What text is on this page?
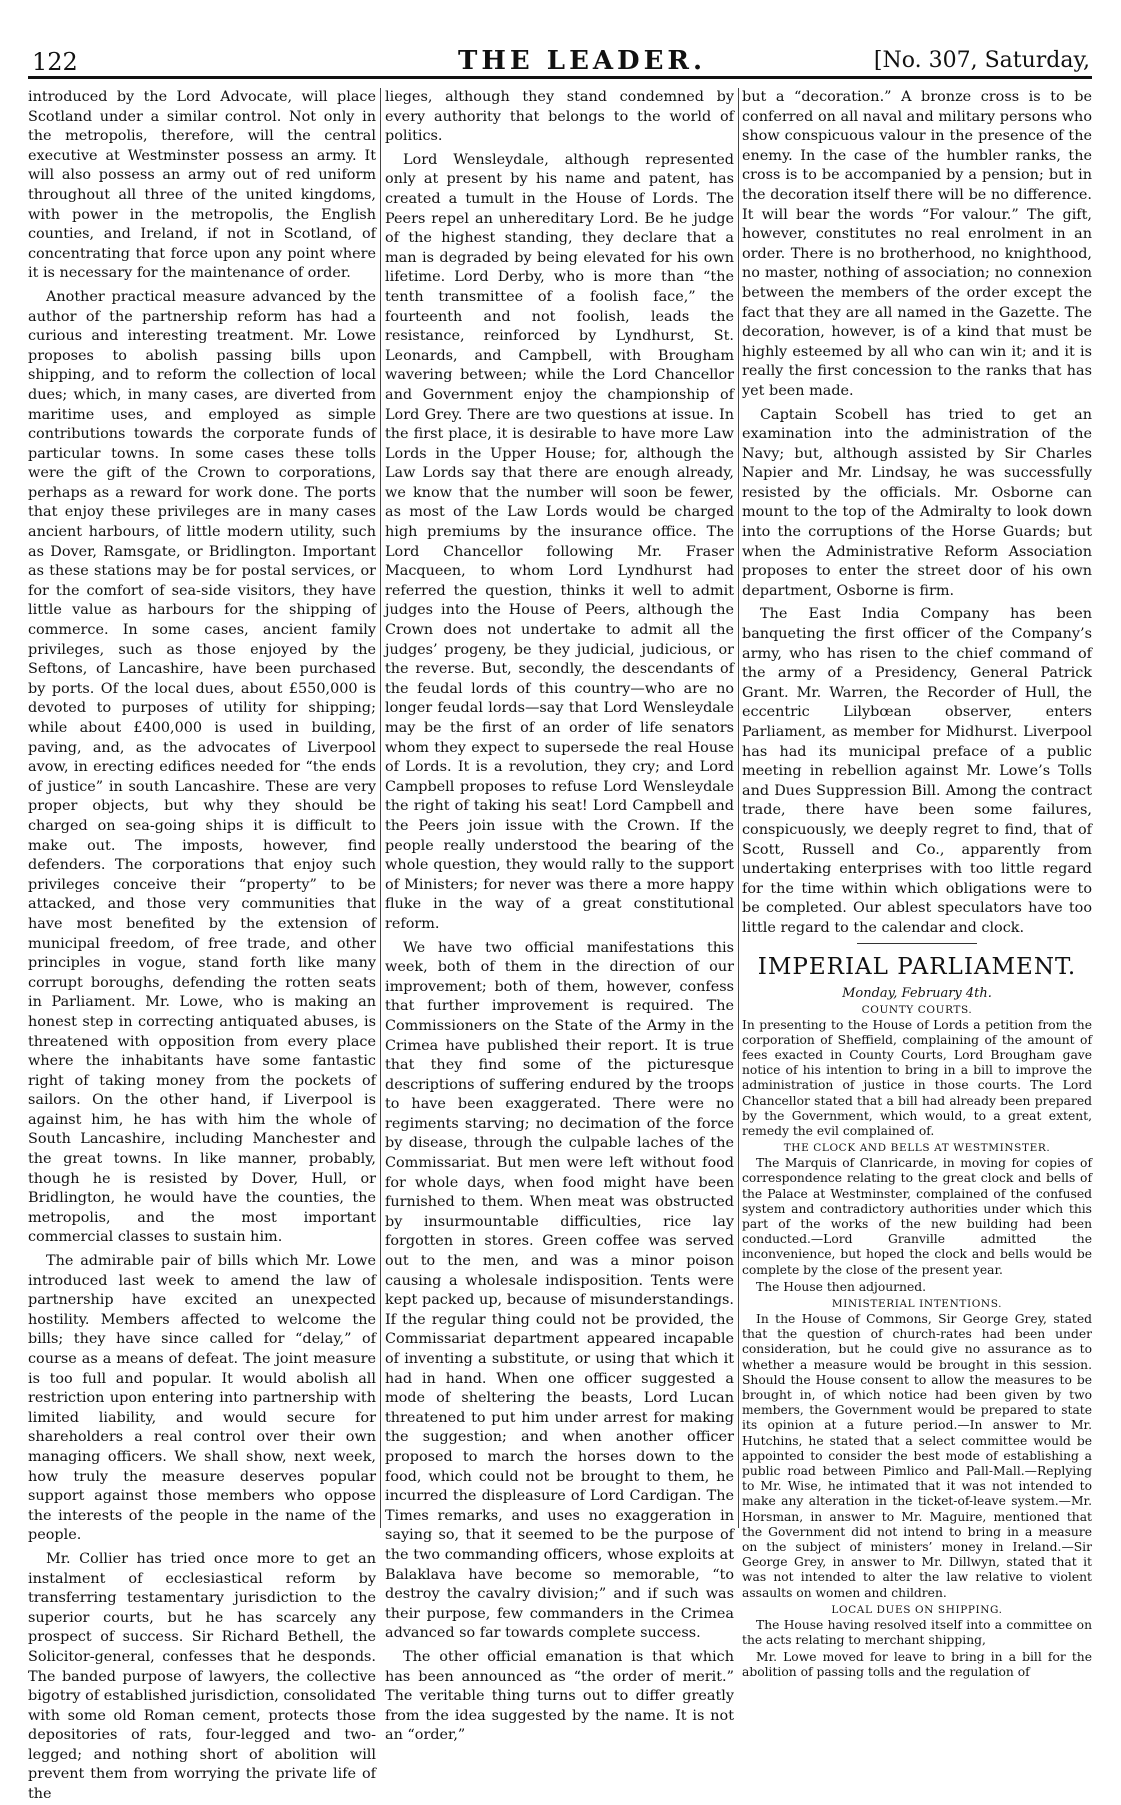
122	THE LEADER.	[No. 307, Saturday,

introduced by the Lord Advocate, will place Scotland under a similar control. Not only in the metropolis, therefore, will the central executive at Westminster possess an army. It will also possess an army out of red uniform throughout all three of the united kingdoms, with power in the metropolis, the English counties, and Ireland, if not in Scotland, of concentrating that force upon any point where it is necessary for the maintenance of order.

Another practical measure advanced by the author of the partnership reform has had a curious and interesting treatment. Mr. Lowe proposes to abolish passing bills upon shipping, and to reform the collection of local dues; which, in many cases, are diverted from maritime uses, and employed as simple contributions towards the corporate funds of particular towns. In some cases these tolls were the gift of the Crown to corporations, perhaps as a reward for work done. The ports that enjoy these privileges are in many cases ancient harbours, of little modern utility, such as Dover, Ramsgate, or Bridlington. Important as these stations may be for postal services, or for the comfort of sea-side visitors, they have little value as harbours for the shipping of commerce. In some cases, ancient family privileges, such as those enjoyed by the Seftons, of Lancashire, have been purchased by ports. Of the local dues, about £550,000 is devoted to purposes of utility for shipping; while about £400,000 is used in building, paving, and, as the advocates of Liverpool avow, in erecting edifices needed for “the ends of justice” in south Lancashire. These are very proper objects, but why they should be charged on sea-going ships it is difficult to make out. The imposts, however, find defenders. The corporations that enjoy such privileges conceive their “property” to be attacked, and those very communities that have most benefited by the extension of municipal freedom, of free trade, and other principles in vogue, stand forth like many corrupt boroughs, defending the rotten seats in Parliament. Mr. Lowe, who is making an honest step in correcting antiquated abuses, is threatened with opposition from every place where the inhabitants have some fantastic right of taking money from the pockets of sailors. On the other hand, if Liverpool is against him, he has with him the whole of South Lancashire, including Manchester and the great towns. In like manner, probably, though he is resisted by Dover, Hull, or Bridlington, he would have the counties, the metropolis, and the most important commercial classes to sustain him.

The admirable pair of bills which Mr. Lowe introduced last week to amend the law of partnership have excited an unexpected hostility. Members affected to welcome the bills; they have since called for “delay,” of course as a means of defeat. The joint measure is too full and popular. It would abolish all restriction upon entering into partnership with limited liability, and would secure for shareholders a real control over their own managing officers. We shall show, next week, how truly the measure deserves popular support against those members who oppose the interests of the people in the name of the people.

Mr. Collier has tried once more to get an instalment of ecclesiastical reform by transferring testamentary jurisdiction to the superior courts, but he has scarcely any prospect of success. Sir Richard Bethell, the Solicitor-general, confesses that he desponds. The banded purpose of lawyers, the collective bigotry of established jurisdiction, consolidated with some old Roman cement, protects those depositories of rats, four-legged and two-legged; and nothing short of abolition will prevent them from worrying the private life of the

lieges, although they stand condemned by every authority that belongs to the world of politics.

Lord Wensleydale, although represented only at present by his name and patent, has created a tumult in the House of Lords. The Peers repel an unhereditary Lord. Be he judge of the highest standing, they declare that a man is degraded by being elevated for his own lifetime. Lord Derby, who is more than “the tenth transmittee of a foolish face,” the fourteenth and not foolish, leads the resistance, reinforced by Lyndhurst, St. Leonards, and Campbell, with Brougham wavering between; while the Lord Chancellor and Government enjoy the championship of Lord Grey. There are two questions at issue. In the first place, it is desirable to have more Law Lords in the Upper House; for, although the Law Lords say that there are enough already, we know that the number will soon be fewer, as most of the Law Lords would be charged high premiums by the insurance office. The Lord Chancellor following Mr. Fraser Macqueen, to whom Lord Lyndhurst had referred the question, thinks it well to admit judges into the House of Peers, although the Crown does not undertake to admit all the judges’ progeny, be they judicial, judicious, or the reverse. But, secondly, the descendants of the feudal lords of this country—who are no longer feudal lords—say that Lord Wensleydale may be the first of an order of life senators whom they expect to supersede the real House of Lords. It is a revolution, they cry; and Lord Campbell proposes to refuse Lord Wensleydale the right of taking his seat! Lord Campbell and the Peers join issue with the Crown. If the people really understood the bearing of the whole question, they would rally to the support of Ministers; for never was there a more happy fluke in the way of a great constitutional reform.

We have two official manifestations this week, both of them in the direction of our improvement; both of them, however, confess that further improvement is required. The Commissioners on the State of the Army in the Crimea have published their report. It is true that they find some of the picturesque descriptions of suffering endured by the troops to have been exaggerated. There were no regiments starving; no decimation of the force by disease, through the culpable laches of the Commissariat. But men were left without food for whole days, when food might have been furnished to them. When meat was obstructed by insurmountable difficulties, rice lay forgotten in stores. Green coffee was served out to the men, and was a minor poison causing a wholesale indisposition. Tents were kept packed up, because of misunderstandings. If the regular thing could not be provided, the Commissariat department appeared incapable of inventing a substitute, or using that which it had in hand. When one officer suggested a mode of sheltering the beasts, Lord Lucan threatened to put him under arrest for making the suggestion; and when another officer proposed to march the horses down to the food, which could not be brought to them, he incurred the displeasure of Lord Cardigan. The Times remarks, and uses no exaggeration in saying so, that it seemed to be the purpose of the two commanding officers, whose exploits at Balaklava have become so memorable, “to destroy the cavalry division;” and if such was their purpose, few commanders in the Crimea advanced so far towards complete success.

The other official emanation is that which has been announced as “the order of merit.” The veritable thing turns out to differ greatly from the idea suggested by the name. It is not an “order,”

but a “decoration.” A bronze cross is to be conferred on all naval and military persons who show conspicuous valour in the presence of the enemy. In the case of the humbler ranks, the cross is to be accompanied by a pension; but in the decoration itself there will be no difference. It will bear the words “For valour.” The gift, however, constitutes no real enrolment in an order. There is no brotherhood, no knighthood, no master, nothing of association; no connexion between the members of the order except the fact that they are all named in the Gazette. The decoration, however, is of a kind that must be highly esteemed by all who can win it; and it is really the first concession to the ranks that has yet been made.

Captain Scobell has tried to get an examination into the administration of the Navy; but, although assisted by Sir Charles Napier and Mr. Lindsay, he was successfully resisted by the officials. Mr. Osborne can mount to the top of the Admiralty to look down into the corruptions of the Horse Guards; but when the Administrative Reform Association proposes to enter the street door of his own department, Osborne is firm.

The East India Company has been banqueting the first officer of the Company’s army, who has risen to the chief command of the army of a Presidency, General Patrick Grant. Mr. Warren, the Recorder of Hull, the eccentric Lilybœan observer, enters Parliament, as member for Midhurst. Liverpool has had its municipal preface of a public meeting in rebellion against Mr. Lowe’s Tolls and Dues Suppression Bill. Among the contract trade, there have been some failures, conspicuously, we deeply regret to find, that of Scott, Russell and Co., apparently from undertaking enterprises with too little regard for the time within which obligations were to be completed. Our ablest speculators have too little regard to the calendar and clock.

IMPERIAL PARLIAMENT.
Monday, February 4th.
COUNTY COURTS.

In presenting to the House of Lords a petition from the corporation of Sheffield, complaining of the amount of fees exacted in County Courts, Lord Brougham gave notice of his intention to bring in a bill to improve the administration of justice in those courts. The Lord Chancellor stated that a bill had already been prepared by the Government, which would, to a great extent, remedy the evil complained of.

THE CLOCK AND BELLS AT WESTMINSTER.

The Marquis of Clanricarde, in moving for copies of correspondence relating to the great clock and bells of the Palace at Westminster, complained of the confused system and contradictory authorities under which this part of the works of the new building had been conducted.—Lord Granville admitted the inconvenience, but hoped the clock and bells would be complete by the close of the present year.

The House then adjourned.

MINISTERIAL INTENTIONS.

In the House of Commons, Sir George Grey, stated that the question of church-rates had been under consideration, but he could give no assurance as to whether a measure would be brought in this session. Should the House consent to allow the measures to be brought in, of which notice had been given by two members, the Government would be prepared to state its opinion at a future period.—In answer to Mr. Hutchins, he stated that a select committee would be appointed to consider the best mode of establishing a public road between Pimlico and Pall-Mall.—Replying to Mr. Wise, he intimated that it was not intended to make any alteration in the ticket-of-leave system.—Mr. Horsman, in answer to Mr. Maguire, mentioned that the Government did not intend to bring in a measure on the subject of ministers’ money in Ireland.—Sir George Grey, in answer to Mr. Dillwyn, stated that it was not intended to alter the law relative to violent assaults on women and children.

LOCAL DUES ON SHIPPING.

The House having resolved itself into a committee on the acts relating to merchant shipping,

Mr. Lowe moved for leave to bring in a bill for the abolition of passing tolls and the regulation of
